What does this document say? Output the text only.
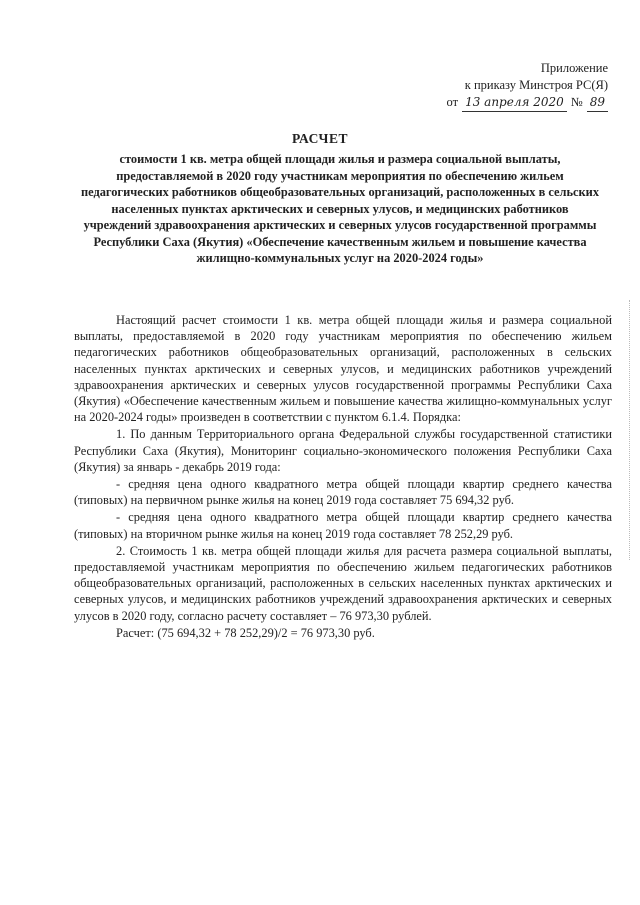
Приложение
к приказу Минстроя РС(Я)
от 13 апреля 2020 № 89
РАСЧЕТ
стоимости 1 кв. метра общей площади жилья и размера социальной выплаты, предоставляемой в 2020 году участникам мероприятия по обеспечению жильем педагогических работников общеобразовательных организаций, расположенных в сельских населенных пунктах арктических и северных улусов, и медицинских работников учреждений здравоохранения арктических и северных улусов государственной программы Республики Саха (Якутия) «Обеспечение качественным жильем и повышение качества жилищно-коммунальных услуг на 2020-2024 годы»

Настоящий расчет стоимости 1 кв. метра общей площади жилья и размера социальной выплаты, предоставляемой в 2020 году участникам мероприятия по обеспечению жильем педагогических работников общеобразовательных организаций, расположенных в сельских населенных пунктах арктических и северных улусов, и медицинских работников учреждений здравоохранения арктических и северных улусов государственной программы Республики Саха (Якутия) «Обеспечение качественным жильем и повышение качества жилищно-коммунальных услуг на 2020-2024 годы» произведен в соответствии с пунктом 6.1.4. Порядка:

1. По данным Территориального органа Федеральной службы государственной статистики Республики Саха (Якутия), Мониторинг социально-экономического положения Республики Саха (Якутия) за январь - декабрь 2019 года:

- средняя цена одного квадратного метра общей площади квартир среднего качества (типовых) на первичном рынке жилья на конец 2019 года составляет 75 694,32 руб.

- средняя цена одного квадратного метра общей площади квартир среднего качества (типовых) на вторичном рынке жилья на конец 2019 года составляет 78 252,29 руб.

2. Стоимость 1 кв. метра общей площади жилья для расчета размера социальной выплаты, предоставляемой участникам мероприятия по обеспечению жильем педагогических работников общеобразовательных организаций, расположенных в сельских населенных пунктах арктических и северных улусов, и медицинских работников учреждений здравоохранения арктических и северных улусов в 2020 году, согласно расчету составляет – 76 973,30 рублей.

Расчет: (75 694,32 + 78 252,29)/2 = 76 973,30 руб.
